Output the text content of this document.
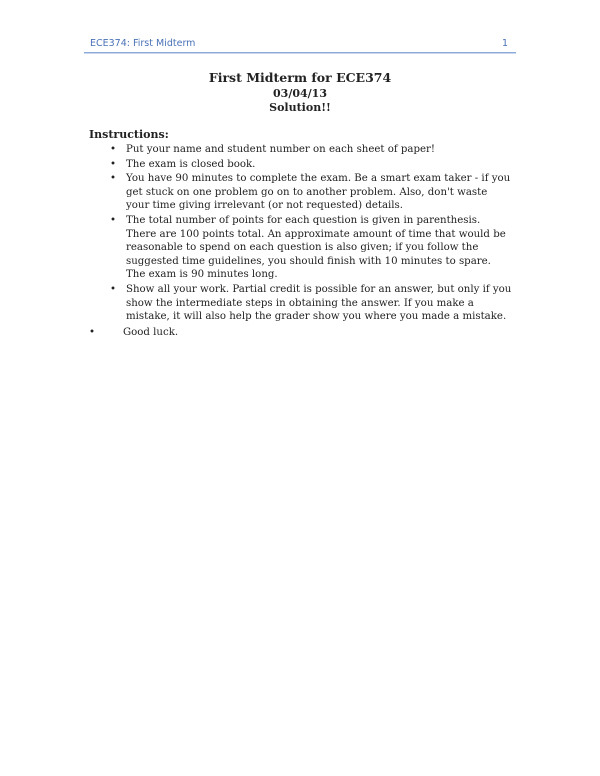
ECE374: First Midterm	1
First Midterm for ECE374
03/04/13
Solution!!
Instructions:
• Put your name and student number on each sheet of paper!
• The exam is closed book.
• You have 90 minutes to complete the exam. Be a smart exam taker - if you get stuck on one problem go on to another problem. Also, don't waste your time giving irrelevant (or not requested) details.
• The total number of points for each question is given in parenthesis. There are 100 points total. An approximate amount of time that would be reasonable to spend on each question is also given; if you follow the suggested time guidelines, you should finish with 10 minutes to spare. The exam is 90 minutes long.
• Show all your work. Partial credit is possible for an answer, but only if you show the intermediate steps in obtaining the answer. If you make a mistake, it will also help the grader show you where you made a mistake.
•	Good luck.
